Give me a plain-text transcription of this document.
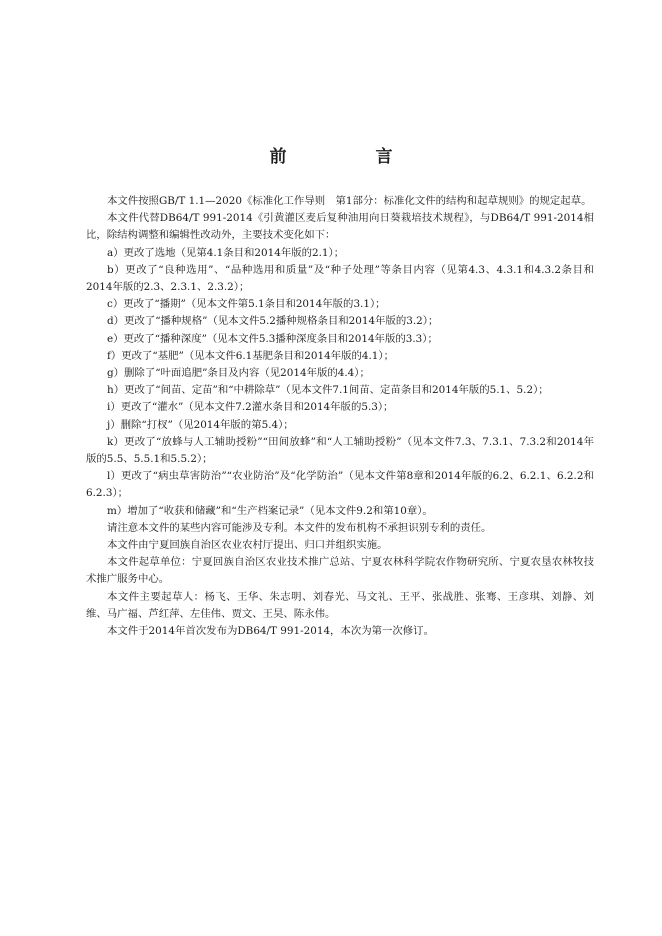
前　言

本文件按照GB/T 1.1—2020《标准化工作导则　第1部分：标准化文件的结构和起草规则》的规定起草。

本文件代替DB64/T 991-2014《引黄灌区麦后复种油用向日葵栽培技术规程》，与DB64/T 991-2014相比，除结构调整和编辑性改动外，主要技术变化如下：

a）更改了选地（见第4.1条目和2014年版的2.1）；

b）更改了“良种选用”、“品种选用和质量”及“种子处理”等条目内容（见第4.3、4.3.1和4.3.2条目和2014年版的2.3、2.3.1、2.3.2）；

c）更改了“播期”（见本文件第5.1条目和2014年版的3.1）；

d）更改了“播种规格”（见本文件5.2播种规格条目和2014年版的3.2）；

e）更改了“播种深度”（见本文件5.3播种深度条目和2014年版的3.3）；

f）更改了“基肥”（见本文件6.1基肥条目和2014年版的4.1）；

g）删除了“叶面追肥”条目及内容（见2014年版的4.4）；

h）更改了“间苗、定苗”和“中耕除草”（见本文件7.1间苗、定苗条目和2014年版的5.1、5.2）；

i）更改了“灌水”（见本文件7.2灌水条目和2014年版的5.3）；

j）删除“打杈”（见2014年版的第5.4）；

k）更改了“放蜂与人工辅助授粉”“田间放蜂”和“人工辅助授粉”（见本文件7.3、7.3.1、7.3.2和2014年版的5.5、5.5.1和5.5.2）；

l）更改了“病虫草害防治”“农业防治”及“化学防治”（见本文件第8章和2014年版的6.2、6.2.1、6.2.2和6.2.3）；

m）增加了“收获和储藏”和“生产档案记录”（见本文件9.2和第10章）。

请注意本文件的某些内容可能涉及专利。本文件的发布机构不承担识别专利的责任。

本文件由宁夏回族自治区农业农村厅提出、归口并组织实施。

本文件起草单位：宁夏回族自治区农业技术推广总站、宁夏农林科学院农作物研究所、宁夏农垦农林牧技术推广服务中心。

本文件主要起草人：杨飞、王华、朱志明、刘春光、马文礼、王平、张战胜、张骞、王彦琪、刘静、刘维、马广福、芦红萍、左佳伟、贾文、王昊、陈永伟。

本文件于2014年首次发布为DB64/T 991-2014，本次为第一次修订。
